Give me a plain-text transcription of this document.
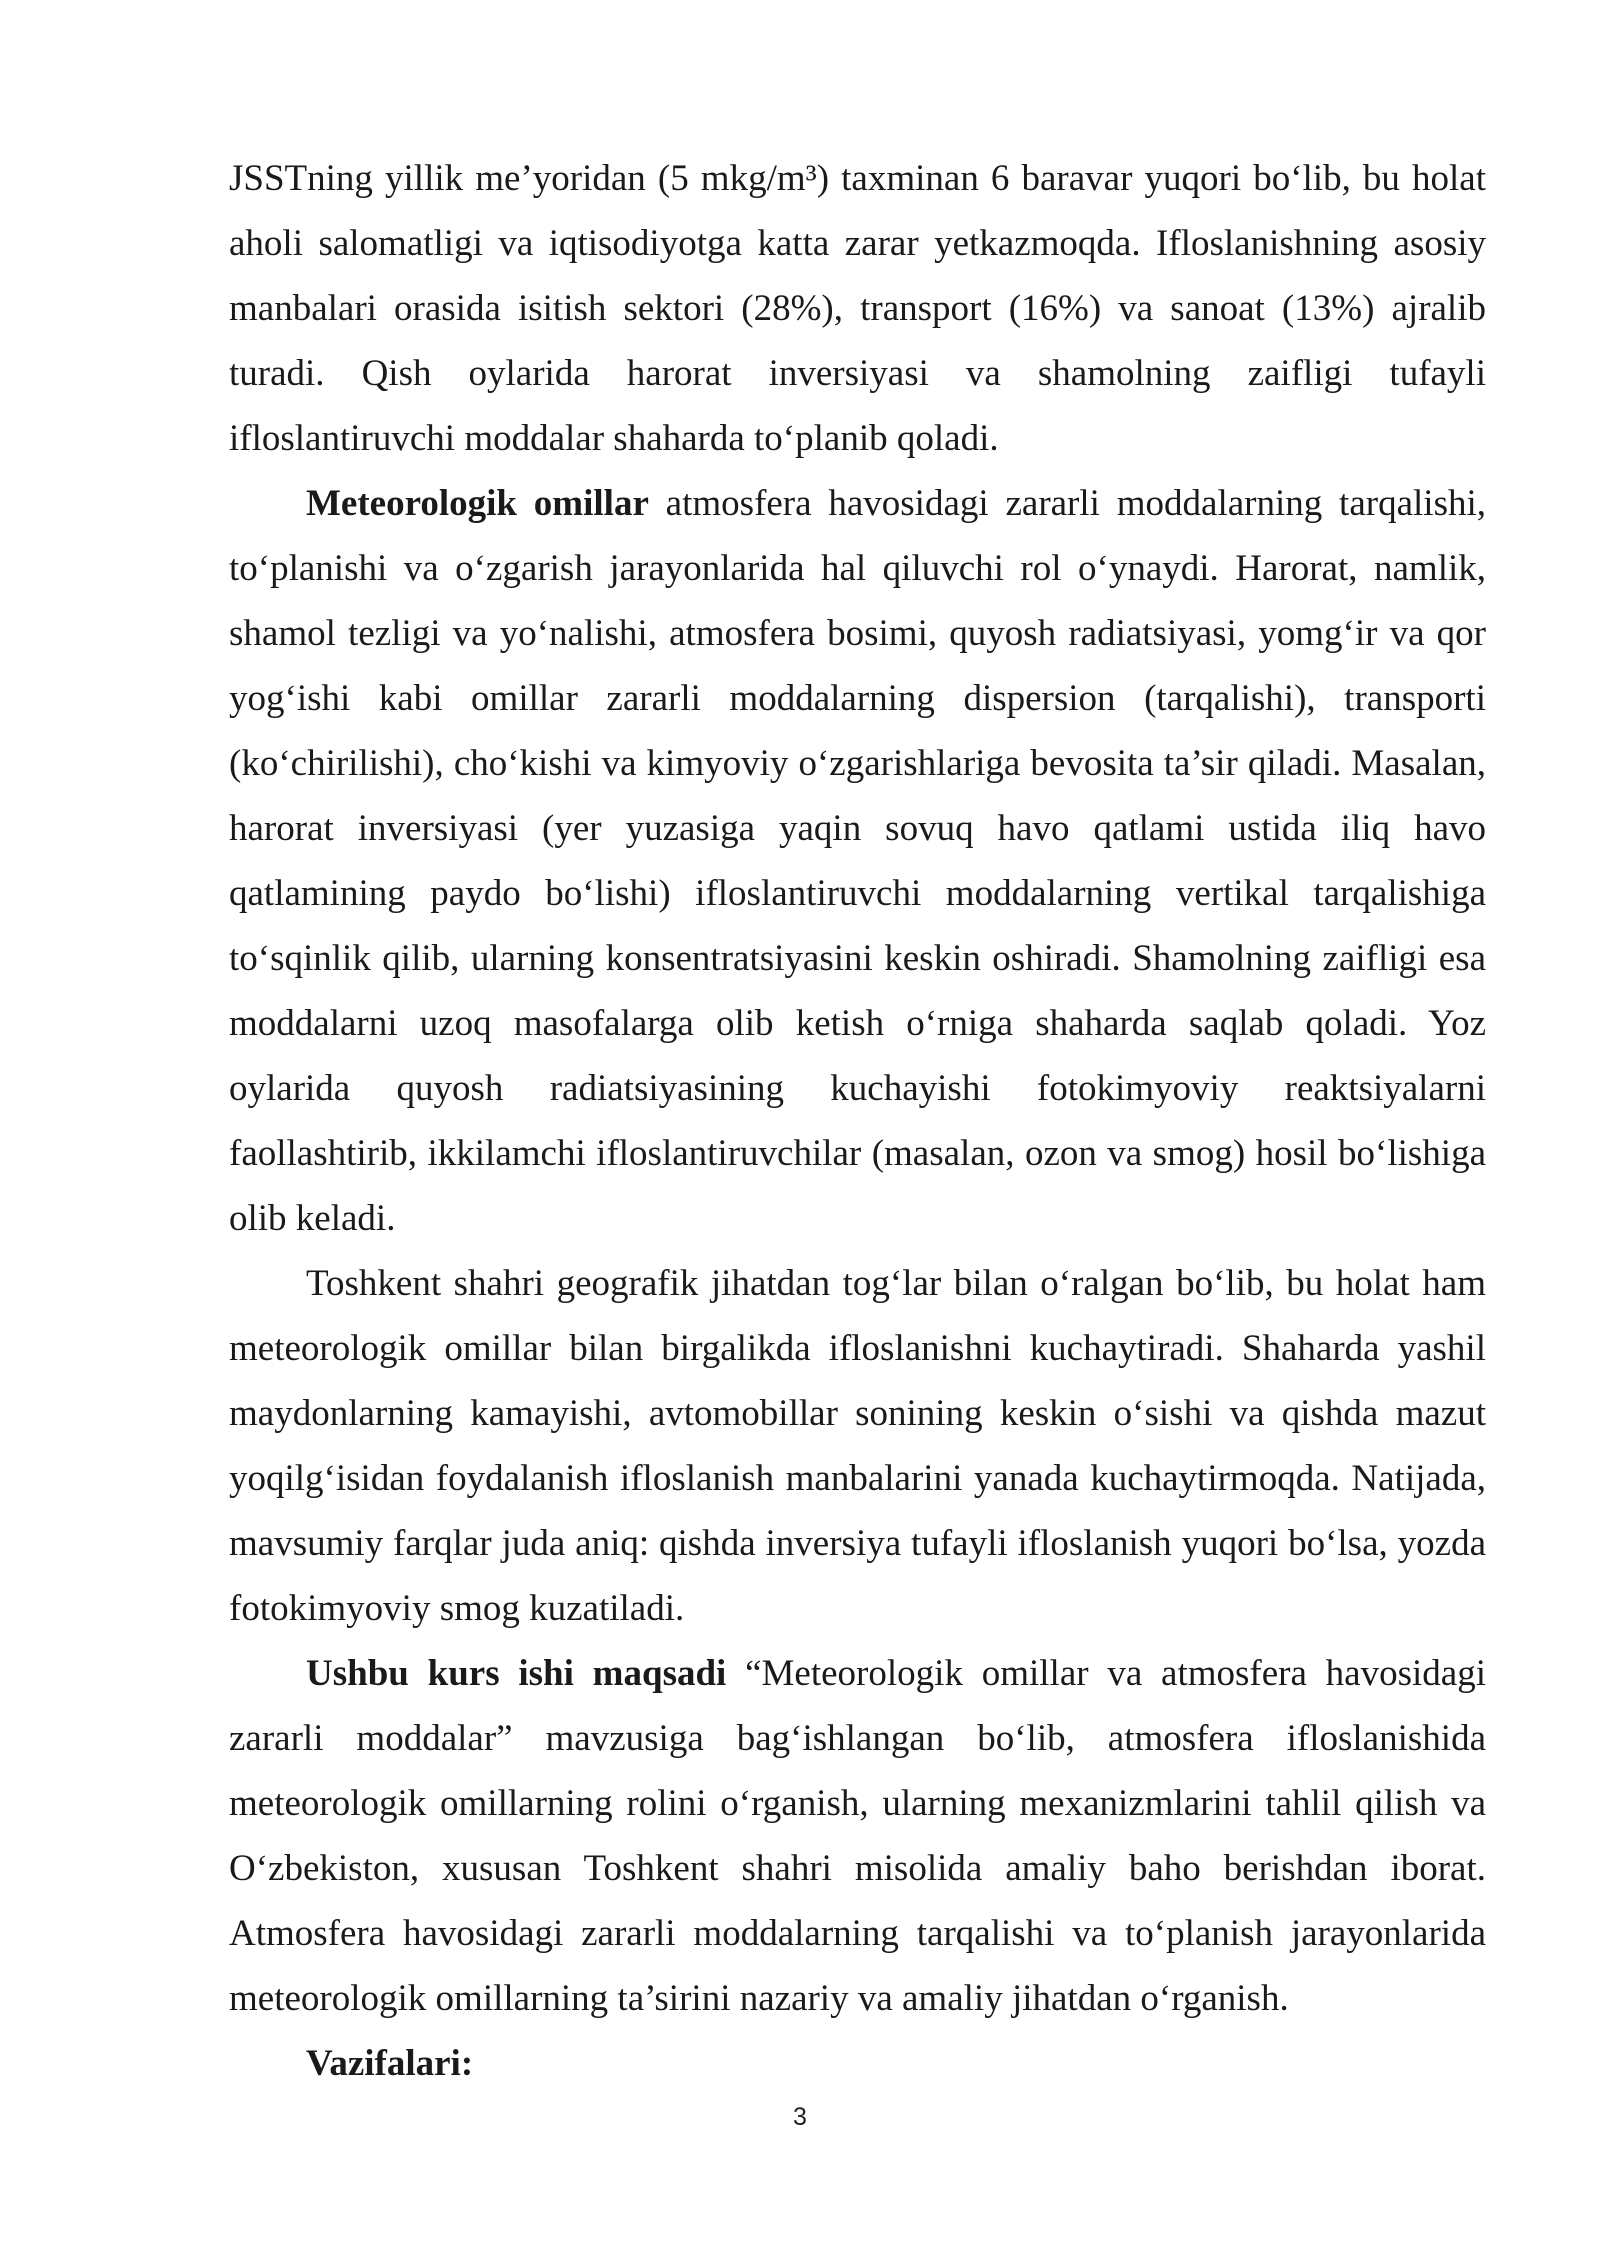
JSSTning yillik me’yoridan (5 mkg/m³) taxminan 6 baravar yuqori bo‘lib, bu holat aholi salomatligi va iqtisodiyotga katta zarar yetkazmoqda. Ifloslanishning asosiy manbalari orasida isitish sektori (28%), transport (16%) va sanoat (13%) ajralib turadi. Qish oylarida harorat inversiyasi va shamolning zaifligi tufayli ifloslantiruvchi moddalar shaharda to‘planib qoladi.

Meteorologik omillar atmosfera havosidagi zararli moddalarning tarqalishi, to‘planishi va o‘zgarish jarayonlarida hal qiluvchi rol o‘ynaydi. Harorat, namlik, shamol tezligi va yo‘nalishi, atmosfera bosimi, quyosh radiatsiyasi, yomg‘ir va qor yog‘ishi kabi omillar zararli moddalarning dispersion (tarqalishi), transporti (ko‘chirilishi), cho‘kishi va kimyoviy o‘zgarishlariga bevosita ta’sir qiladi. Masalan, harorat inversiyasi (yer yuzasiga yaqin sovuq havo qatlami ustida iliq havo qatlamining paydo bo‘lishi) ifloslantiruvchi moddalarning vertikal tarqalishiga to‘sqinlik qilib, ularning konsentratsiyasini keskin oshiradi. Shamolning zaifligi esa moddalarni uzoq masofalarga olib ketish o‘rniga shaharda saqlab qoladi. Yoz oylarida quyosh radiatsiyasining kuchayishi fotokimyoviy reaktsiyalarni faollashtirib, ikkilamchi ifloslantiruvchilar (masalan, ozon va smog) hosil bo‘lishiga olib keladi.

Toshkent shahri geografik jihatdan tog‘lar bilan o‘ralgan bo‘lib, bu holat ham meteorologik omillar bilan birgalikda ifloslanishni kuchaytiradi. Shaharda yashil maydonlarning kamayishi, avtomobillar sonining keskin o‘sishi va qishda mazut yoqilg‘isidan foydalanish ifloslanish manbalarini yanada kuchaytirmoqda. Natijada, mavsumiy farqlar juda aniq: qishda inversiya tufayli ifloslanish yuqori bo‘lsa, yozda fotokimyoviy smog kuzatiladi.

Ushbu kurs ishi maqsadi “Meteorologik omillar va atmosfera havosidagi zararli moddalar” mavzusiga bag‘ishlangan bo‘lib, atmosfera ifloslanishida meteorologik omillarning rolini o‘rganish, ularning mexanizmlarini tahlil qilish va O‘zbekiston, xususan Toshkent shahri misolida amaliy baho berishdan iborat. Atmosfera havosidagi zararli moddalarning tarqalishi va to‘planish jarayonlarida meteorologik omillarning ta’sirini nazariy va amaliy jihatdan o‘rganish.

Vazifalari:

3
